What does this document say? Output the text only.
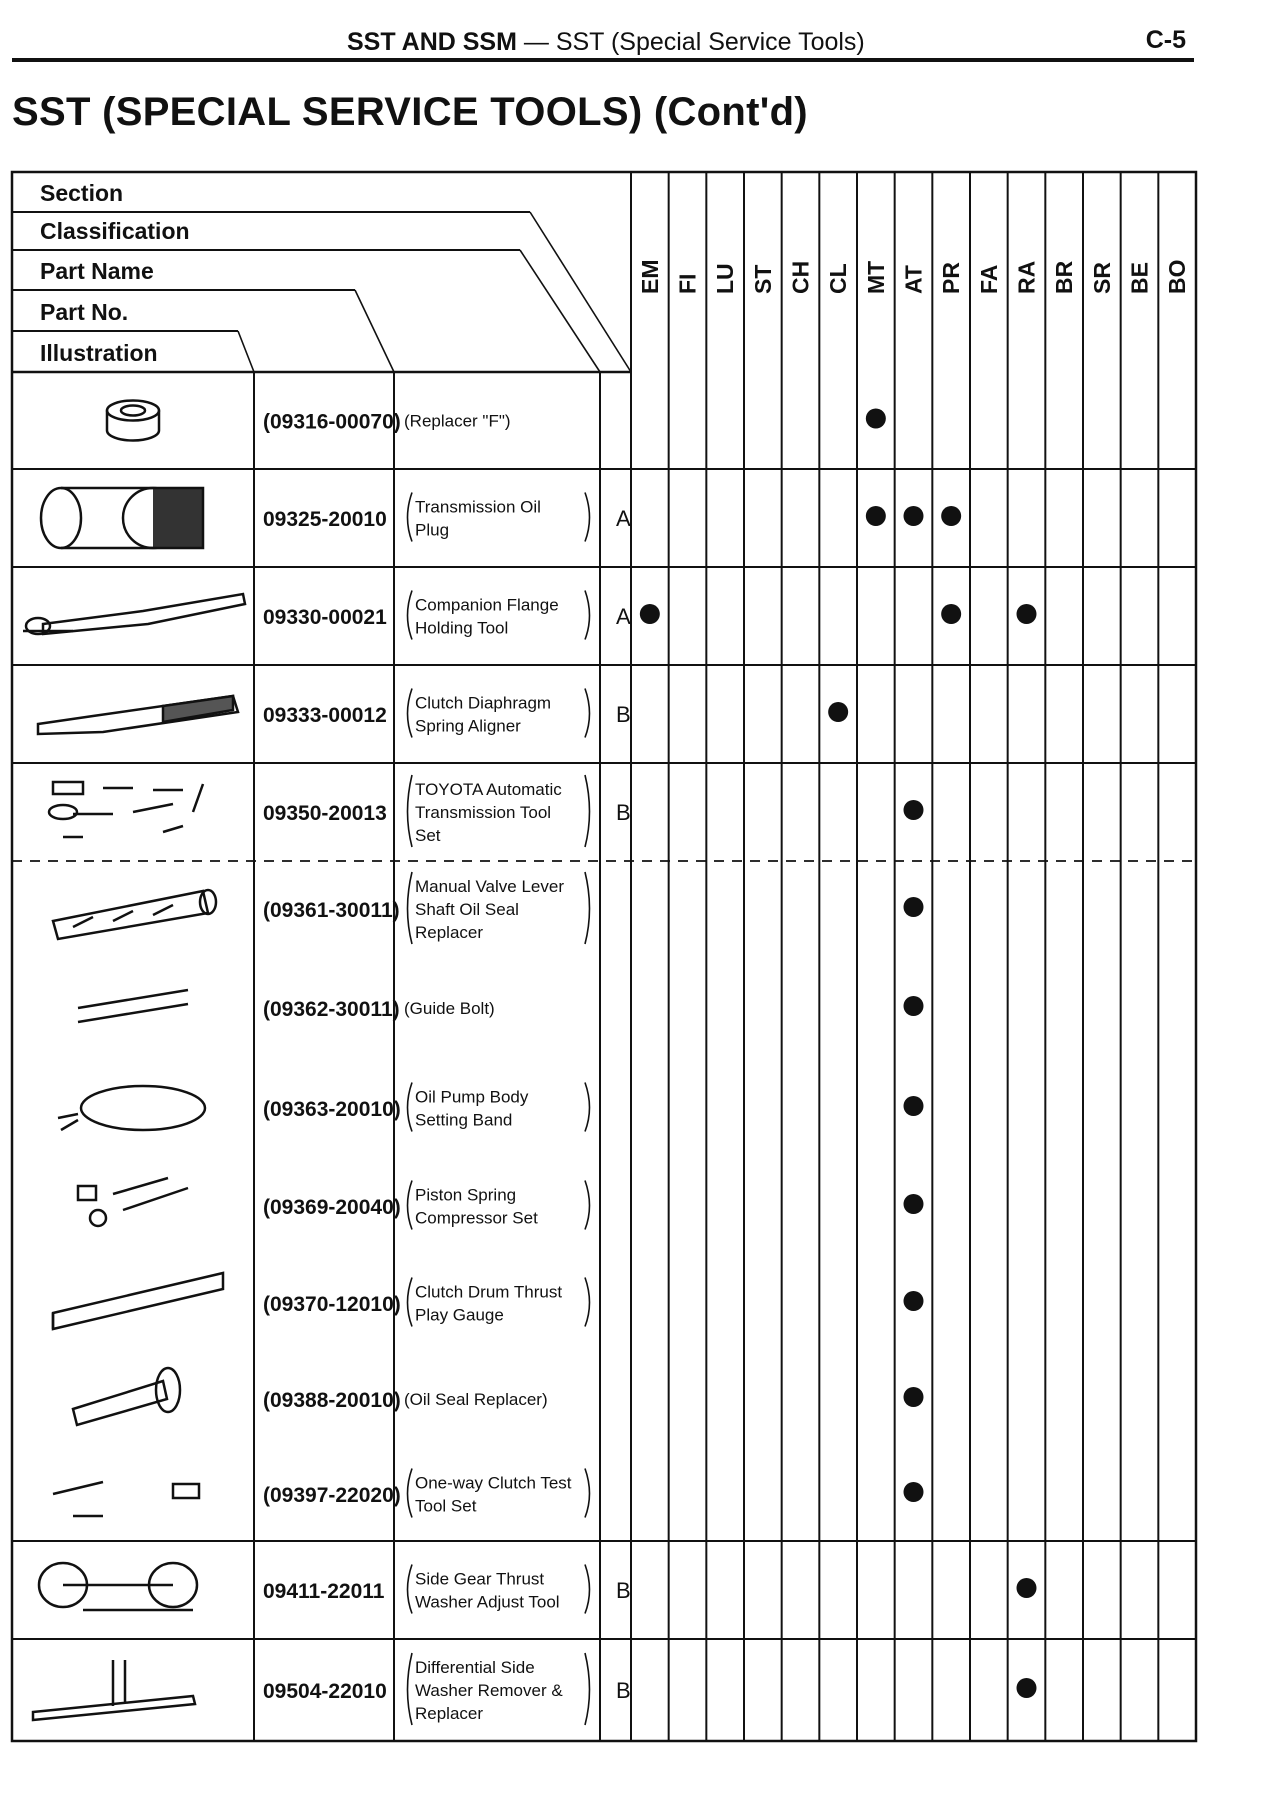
SST AND SSM — SST (Special Service Tools)	C-5
SST (SPECIAL SERVICE TOOLS) (Cont'd)
Section
Classification
Part Name
Part No.
Illustration
EM FI LU ST CH CL MT AT PR FA RA BR SR BE BO
(09316-00070) (Replacer "F")
09325-20010
Transmission Oil
Plug	A
09330-00021
Companion Flange
Holding Tool	A
09333-00012
Clutch Diaphragm
Spring Aligner	B
09350-20013
TOYOTA Automatic
Transmission Tool
Set
B
(09361-30011)
Manual Valve Lever
Shaft Oil Seal
Replacer
(09362-30011) (Guide Bolt)
(09363-20010)
Oil Pump Body
Setting Band
(09369-20040)
Piston Spring
Compressor Set
(09370-12010)
Clutch Drum Thrust
Play Gauge
(09388-20010) (Oil Seal Replacer)
(09397-22020)
One-way Clutch Test
Tool Set
09411-22011
Side Gear Thrust
Washer Adjust Tool	B
09504-22010
Differential Side
Washer Remover &
Replacer
B
